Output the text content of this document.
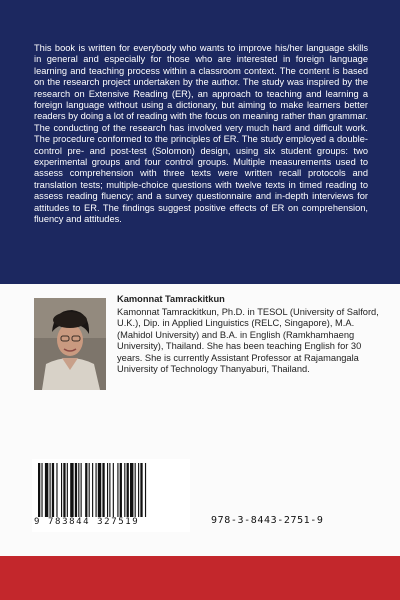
This book is written for everybody who wants to improve his/her language skills in general and especially for those who are interested in foreign language learning and teaching process within a classroom context. The content is based on the research project undertaken by the author. The study was inspired by the research on Extensive Reading (ER), an approach to teaching and learning a foreign language without using a dictionary, but aiming to make learners better readers by doing a lot of reading with the focus on meaning rather than grammar. The conducting of the research has involved very much hard and difficult work. The procedure conformed to the principles of ER. The study employed a double-control pre- and post-test (Solomon) design, using six student groups: two experimental groups and four control groups. Multiple measurements used to assess comprehension with three texts were written recall protocols and translation tests; multiple-choice questions with twelve texts in timed reading to assess reading fluency; and a survey questionnaire and in-depth interviews for attitudes to ER. The findings suggest positive effects of ER on comprehension, fluency and attitudes.

Kamonnat Tamrackitkun

Kamonnat Tamrackitkun, Ph.D. in TESOL (University of Salford, U.K.), Dip. in Applied Linguistics (RELC, Singapore), M.A. (Mahidol University) and B.A. in English (Ramkhamhaeng University), Thailand. She has been teaching English for 30 years. She is currently Assistant Professor at Rajamangala University of Technology Thanyaburi, Thailand.

9 783844 327519	978-3-8443-2751-9
